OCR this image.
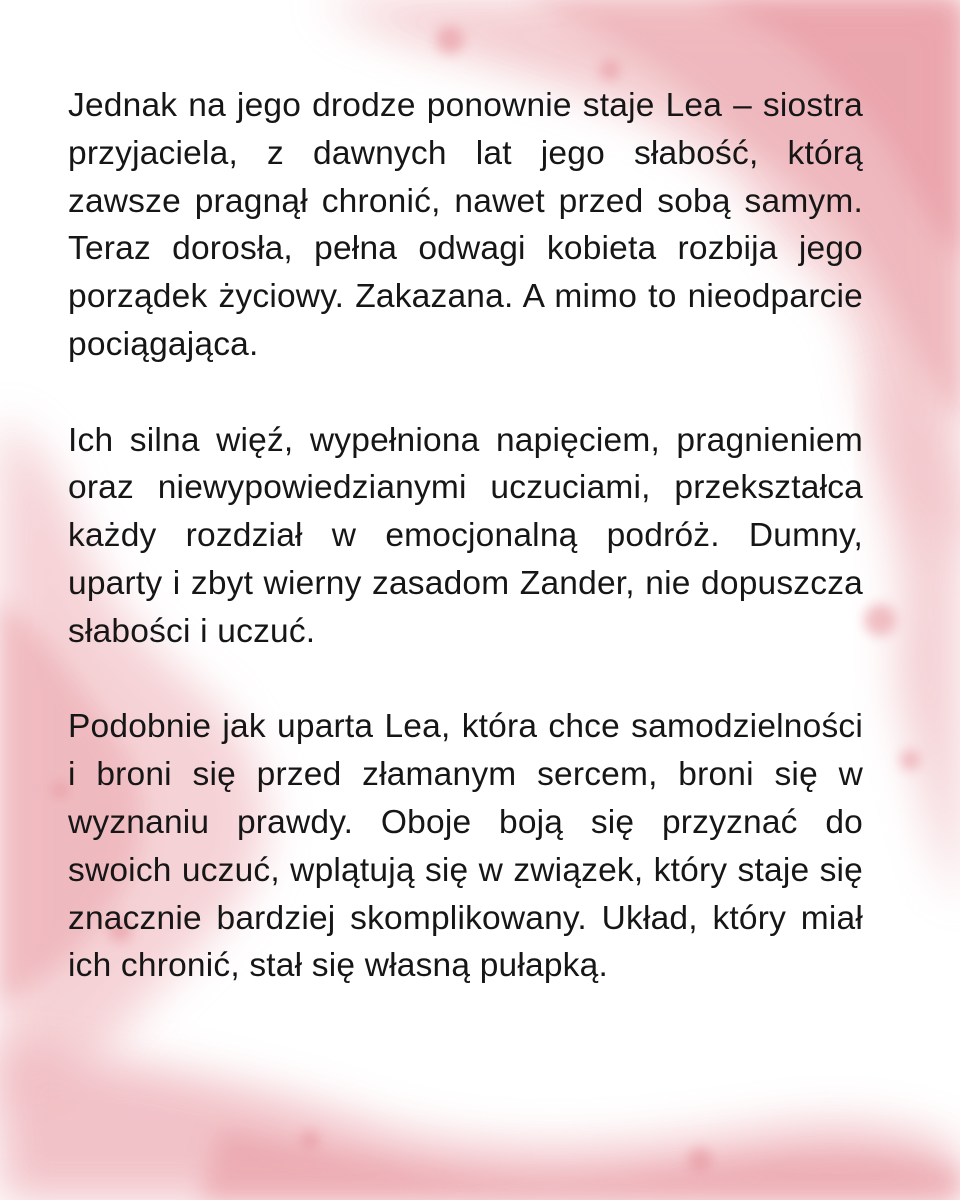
Jednak na jego drodze ponownie staje Lea – siostra przyjaciela, z dawnych lat jego słabość, którą zawsze pragnął chronić, nawet przed sobą samym. Teraz dorosła, pełna odwagi kobieta rozbija jego porządek życiowy. Zakazana. A mimo to nieodparcie pociągająca.

Ich silna więź, wypełniona napięciem, pragnieniem oraz niewypowiedzianymi uczuciami, przekształca każdy rozdział w emocjonalną podróż. Dumny, uparty i zbyt wierny zasadom Zander, nie dopuszcza słabości i uczuć.

Podobnie jak uparta Lea, która chce samodzielności i broni się przed złamanym sercem, broni się w wyznaniu prawdy. Oboje boją się przyznać do swoich uczuć, wplątują się w związek, który staje się znacznie bardziej skomplikowany. Układ, który miał ich chronić, stał się własną pułapką.
